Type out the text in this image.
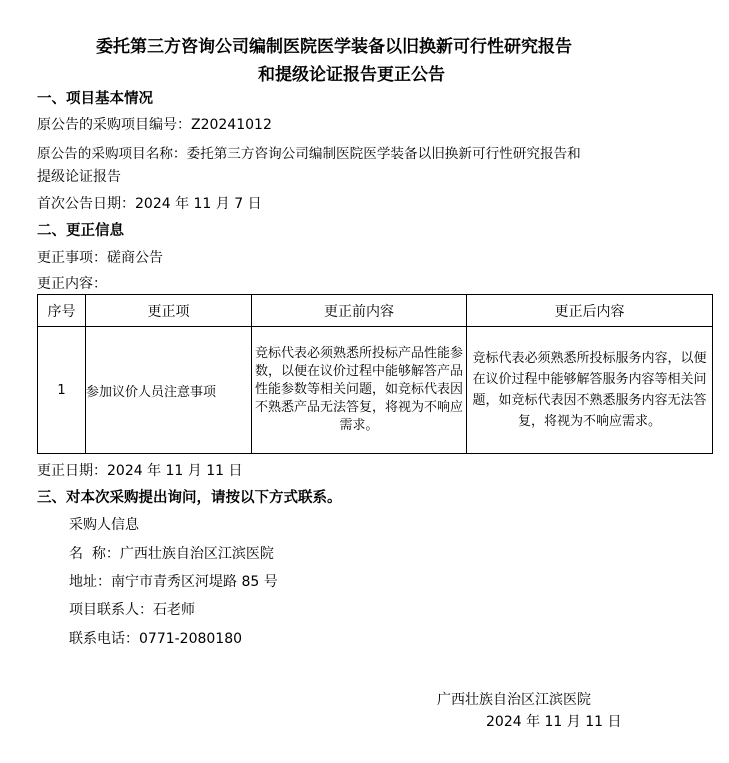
委托第三方咨询公司编制医院医学装备以旧换新可行性研究报告
和提级论证报告更正公告
一、项目基本情况
原公告的采购项目编号：Z20241012
原公告的采购项目名称：委托第三方咨询公司编制医院医学装备以旧换新可行性研究报告和
提级论证报告
首次公告日期：2024 年 11 月 7 日
二、更正信息
更正事项：磋商公告
更正内容：
序号	更正项	更正前内容	更正后内容
1	参加议价人员注意事项	竞标代表必须熟悉所投标产品性能参数，以便在议价过程中能够解答产品性能参数等相关问题，如竞标代表因不熟悉产品无法答复，将视为不响应需求。	竞标代表必须熟悉所投标服务内容，以便在议价过程中能够解答服务内容等相关问题，如竞标代表因不熟悉服务内容无法答复，将视为不响应需求。
更正日期：2024 年 11 月 11 日
三、对本次采购提出询问，请按以下方式联系。
采购人信息
名  称：广西壮族自治区江滨医院
地址：南宁市青秀区河堤路 85 号
项目联系人：石老师
联系电话：0771-2080180
广西壮族自治区江滨医院
2024 年 11 月 11 日
